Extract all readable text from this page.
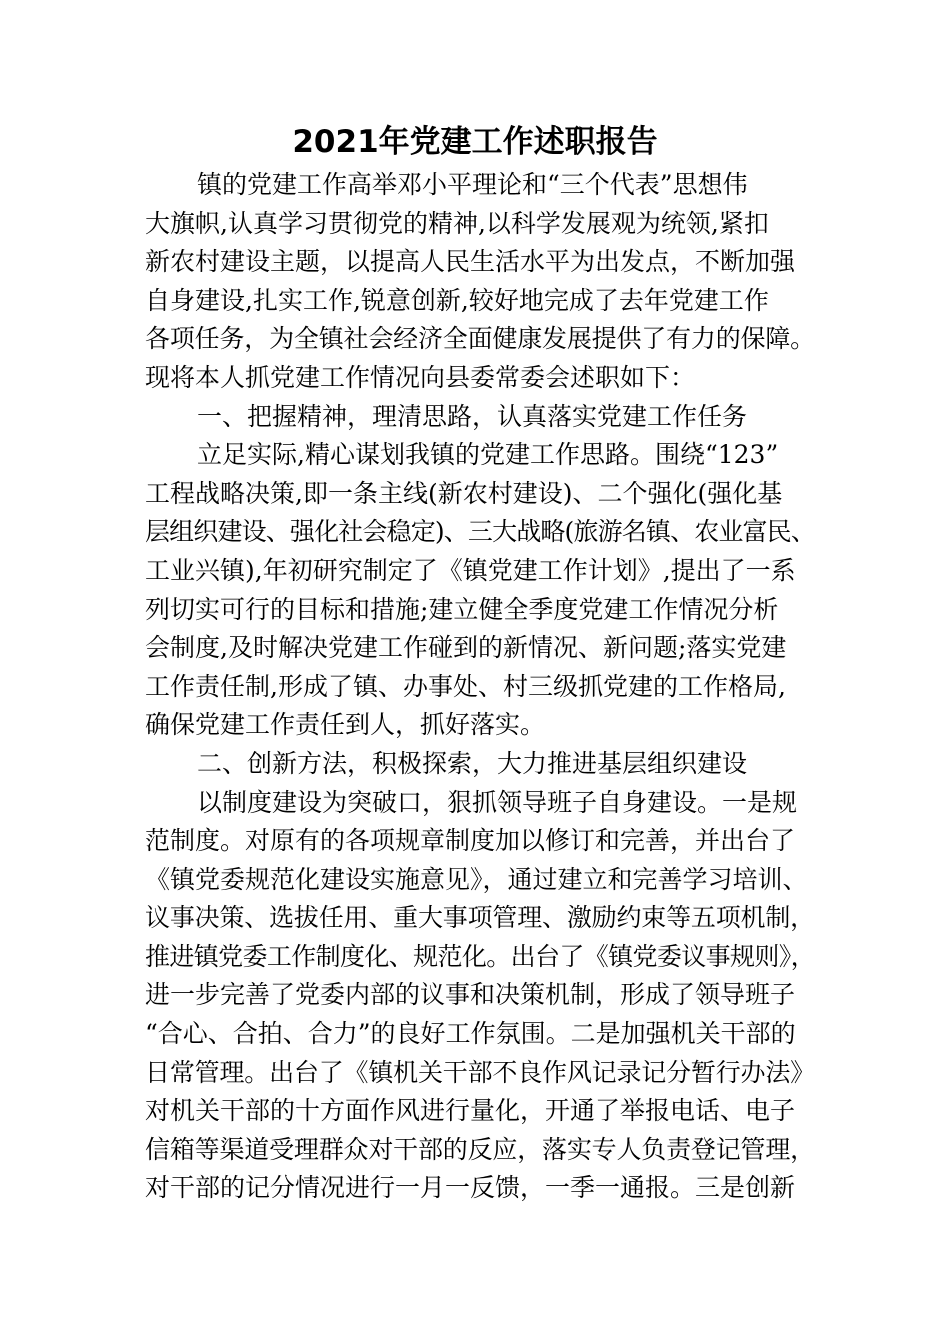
2021年党建工作述职报告
镇的党建工作高举邓小平理论和“三个代表”思想伟
大旗帜,认真学习贯彻党的精神,以科学发展观为统领,紧扣
新农村建设主题，以提高人民生活水平为出发点，不断加强
自身建设,扎实工作,锐意创新,较好地完成了去年党建工作
各项任务，为全镇社会经济全面健康发展提供了有力的保障。
现将本人抓党建工作情况向县委常委会述职如下：
一、把握精神，理清思路，认真落实党建工作任务
立足实际,精心谋划我镇的党建工作思路。围绕“123”
工程战略决策,即一条主线(新农村建设)、二个强化(强化基
层组织建设、强化社会稳定)、三大战略(旅游名镇、农业富民、
工业兴镇),年初研究制定了《镇党建工作计划》,提出了一系
列切实可行的目标和措施;建立健全季度党建工作情况分析
会制度,及时解决党建工作碰到的新情况、新问题;落实党建
工作责任制,形成了镇、办事处、村三级抓党建的工作格局,
确保党建工作责任到人，抓好落实。
二、创新方法，积极探索，大力推进基层组织建设
以制度建设为突破口，狠抓领导班子自身建设。一是规
范制度。对原有的各项规章制度加以修订和完善，并出台了
《镇党委规范化建设实施意见》，通过建立和完善学习培训、
议事决策、选拔任用、重大事项管理、激励约束等五项机制，
推进镇党委工作制度化、规范化。出台了《镇党委议事规则》，
进一步完善了党委内部的议事和决策机制，形成了领导班子
“合心、合拍、合力”的良好工作氛围。二是加强机关干部的
日常管理。出台了《镇机关干部不良作风记录记分暂行办法》
对机关干部的十方面作风进行量化，开通了举报电话、电子
信箱等渠道受理群众对干部的反应，落实专人负责登记管理，
对干部的记分情况进行一月一反馈，一季一通报。三是创新
